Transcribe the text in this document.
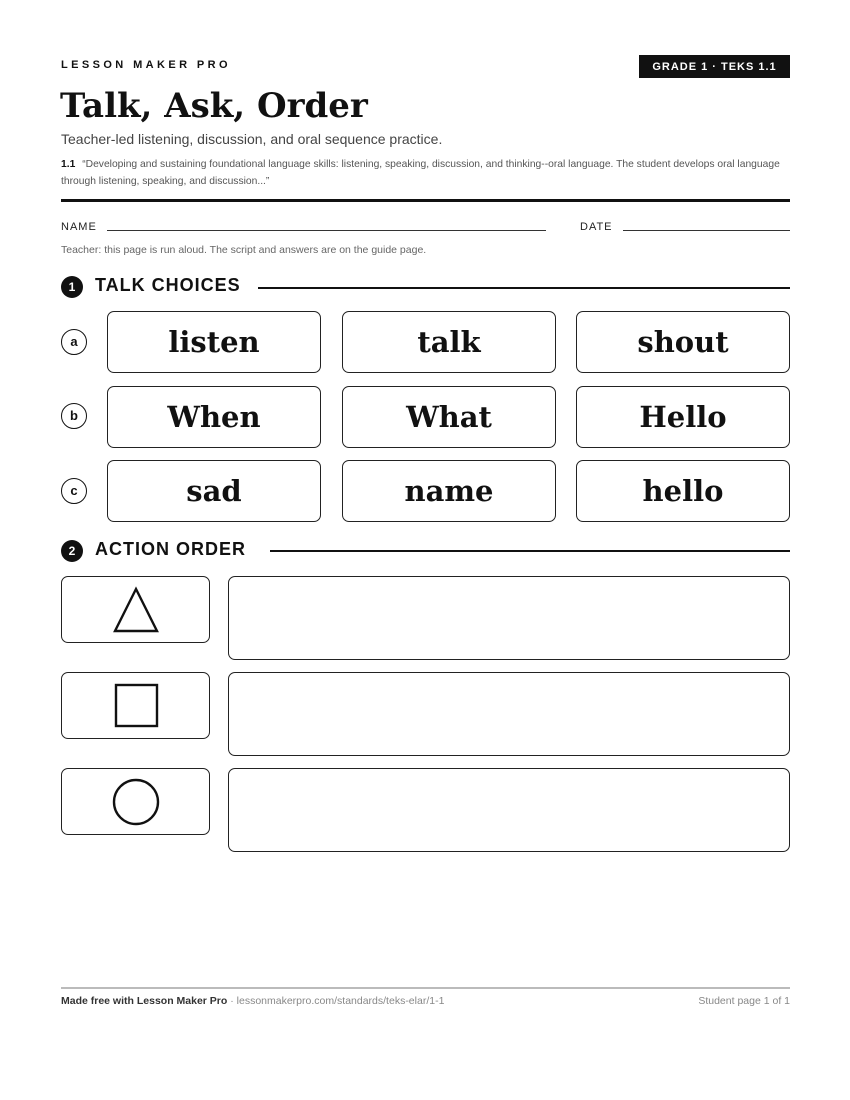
LESSON MAKER PRO	GRADE 1 · TEKS 1.1
Talk, Ask, Order
Teacher-led listening, discussion, and oral sequence practice.
1.1 “Developing and sustaining foundational language skills: listening, speaking, discussion, and thinking--oral language. The student develops oral language through listening, speaking, and discussion...”
NAME	DATE
Teacher: this page is run aloud. The script and answers are on the guide page.
1	TALK CHOICES
a	listen	talk	shout
b	When	What	Hello
c	sad	name	hello
2	ACTION ORDER
Made free with Lesson Maker Pro · lessonmakerpro.com/standards/teks-elar/1-1	Student page 1 of 1
